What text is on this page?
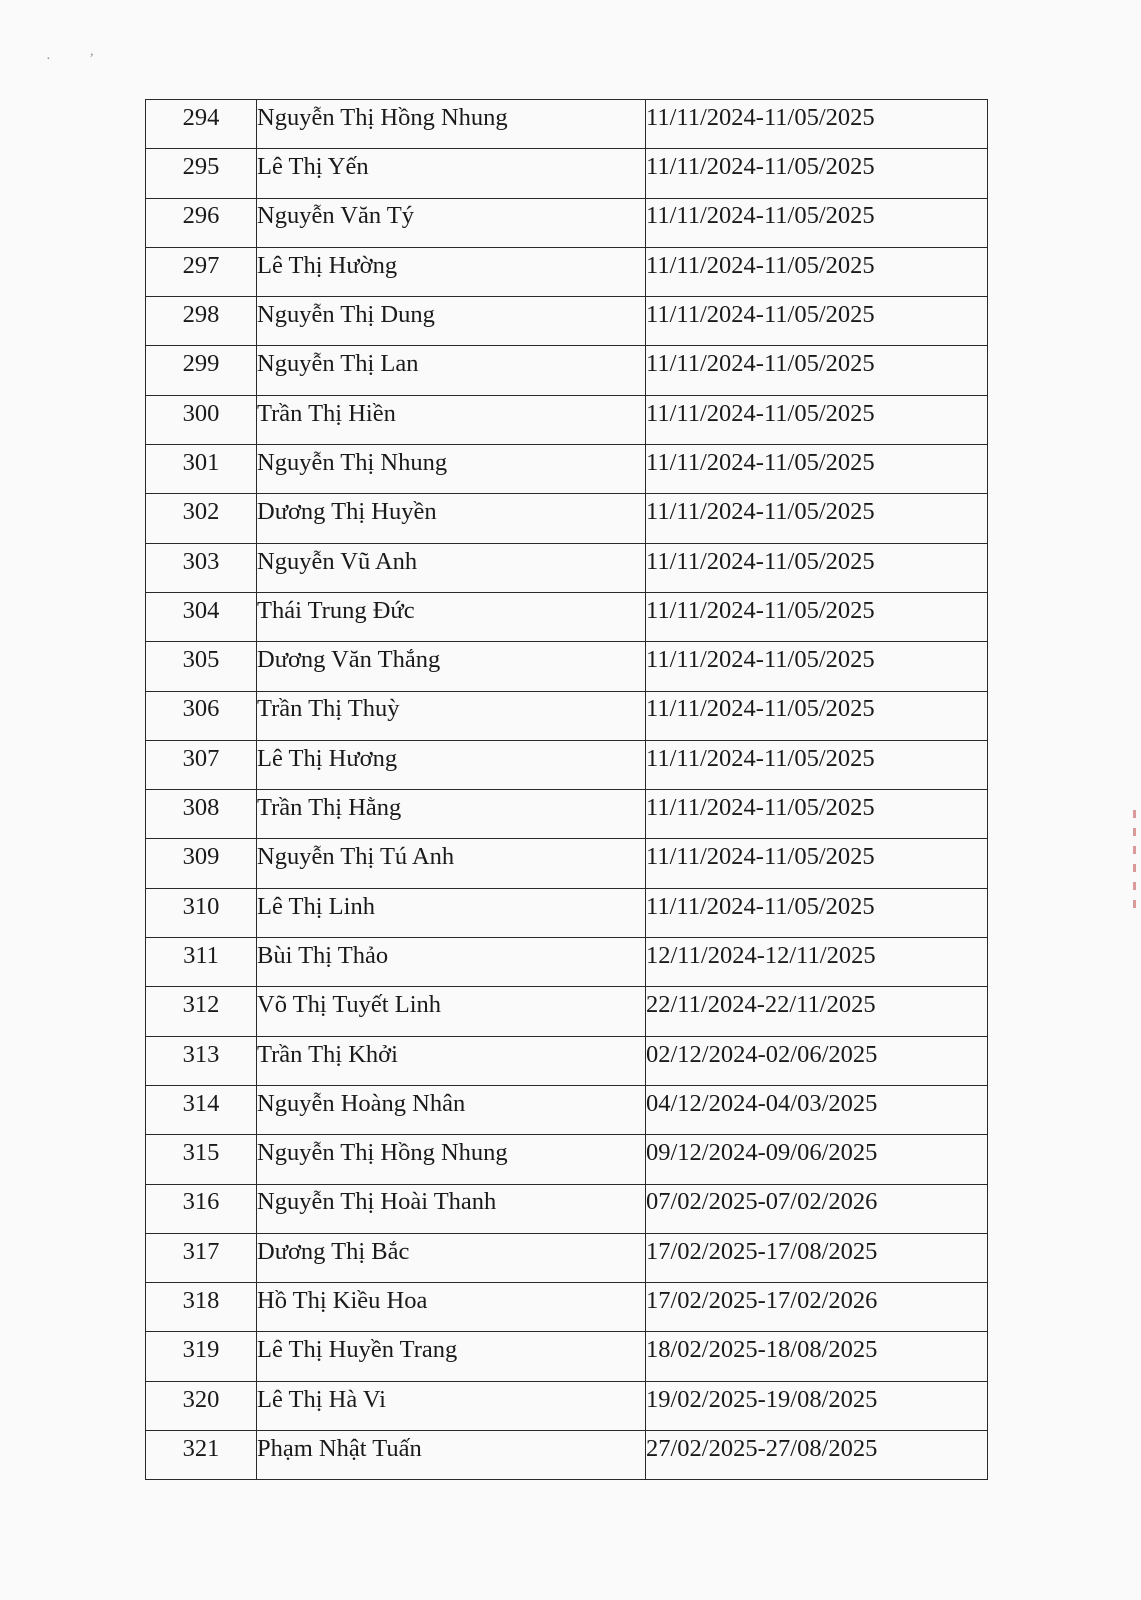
·
,
294	Nguyễn Thị Hồng Nhung	11/11/2024-11/05/2025
295	Lê Thị Yến	11/11/2024-11/05/2025
296	Nguyễn Văn Tý	11/11/2024-11/05/2025
297	Lê Thị Hường	11/11/2024-11/05/2025
298	Nguyễn Thị Dung	11/11/2024-11/05/2025
299	Nguyễn Thị Lan	11/11/2024-11/05/2025
300	Trần Thị Hiền	11/11/2024-11/05/2025
301	Nguyễn Thị Nhung	11/11/2024-11/05/2025
302	Dương Thị Huyền	11/11/2024-11/05/2025
303	Nguyễn Vũ Anh	11/11/2024-11/05/2025
304	Thái Trung Đức	11/11/2024-11/05/2025
305	Dương Văn Thắng	11/11/2024-11/05/2025
306	Trần Thị Thuỳ	11/11/2024-11/05/2025
307	Lê Thị Hương	11/11/2024-11/05/2025
308	Trần Thị Hằng	11/11/2024-11/05/2025
309	Nguyễn Thị Tú Anh	11/11/2024-11/05/2025
310	Lê Thị Linh	11/11/2024-11/05/2025
311	Bùi Thị Thảo	12/11/2024-12/11/2025
312	Võ Thị Tuyết Linh	22/11/2024-22/11/2025
313	Trần Thị Khởi	02/12/2024-02/06/2025
314	Nguyễn Hoàng Nhân	04/12/2024-04/03/2025
315	Nguyễn Thị Hồng Nhung	09/12/2024-09/06/2025
316	Nguyễn Thị Hoài Thanh	07/02/2025-07/02/2026
317	Dương Thị Bắc	17/02/2025-17/08/2025
318	Hồ Thị Kiều Hoa	17/02/2025-17/02/2026
319	Lê Thị Huyền Trang	18/02/2025-18/08/2025
320	Lê Thị Hà Vi	19/02/2025-19/08/2025
321	Phạm Nhật Tuấn	27/02/2025-27/08/2025
